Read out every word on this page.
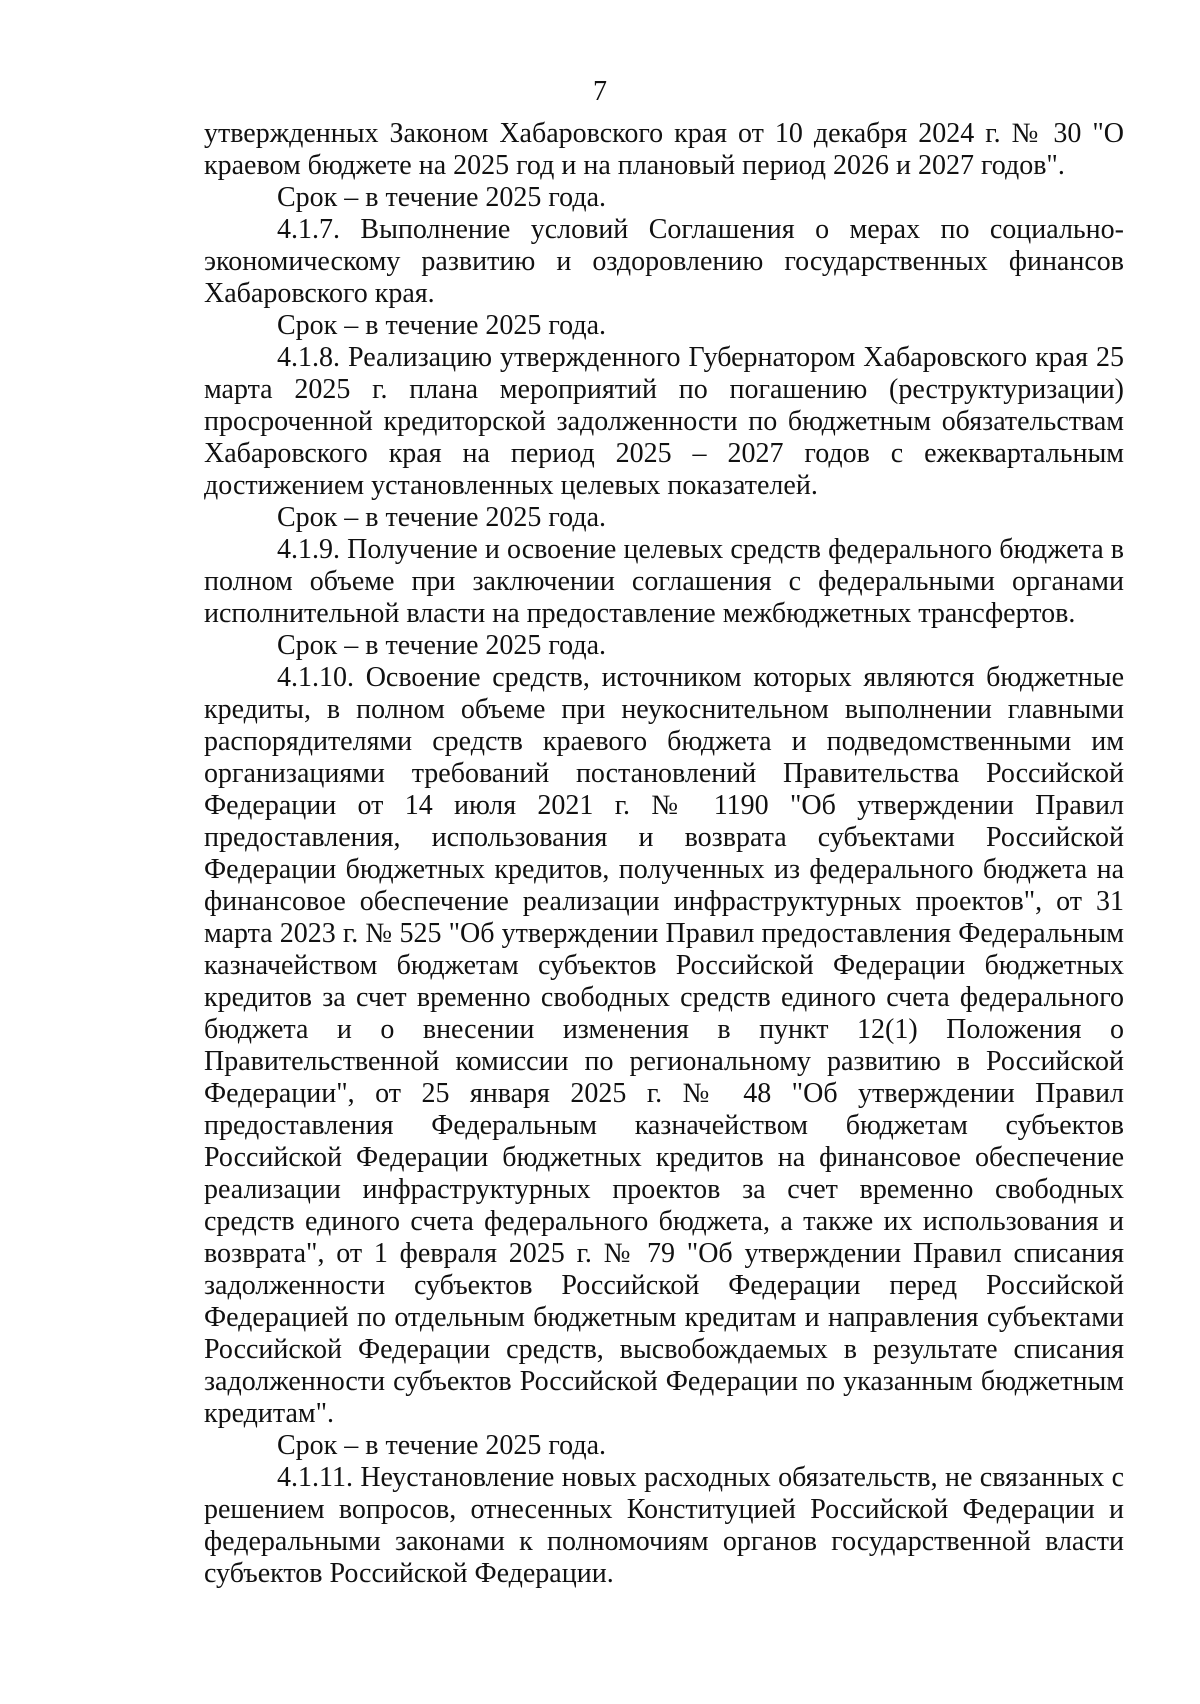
7

утвержденных Законом Хабаровского края от 10 декабря 2024 г. № 30 "О краевом бюджете на 2025 год и на плановый период 2026 и 2027 годов".

Срок – в течение 2025 года.

4.1.7. Выполнение условий Соглашения о мерах по социально-экономическому развитию и оздоровлению государственных финансов Хабаровского края.

Срок – в течение 2025 года.

4.1.8. Реализацию утвержденного Губернатором Хабаровского края 25 марта 2025 г. плана мероприятий по погашению (реструктуризации) просроченной кредиторской задолженности по бюджетным обязательствам Хабаровского края на период 2025 – 2027 годов с ежеквартальным достижением установленных целевых показателей.

Срок – в течение 2025 года.

4.1.9. Получение и освоение целевых средств федерального бюджета в полном объеме при заключении соглашения с федеральными органами исполнительной власти на предоставление межбюджетных трансфертов.

Срок – в течение 2025 года.

4.1.10. Освоение средств, источником которых являются бюджетные кредиты, в полном объеме при неукоснительном выполнении главными распорядителями средств краевого бюджета и подведомственными им организациями требований постановлений Правительства Российской Федерации от 14 июля 2021 г. № 1190 "Об утверждении Правил предоставления, использования и возврата субъектами Российской Федерации бюджетных кредитов, полученных из федерального бюджета на финансовое обеспечение реализации инфраструктурных проектов", от 31 марта 2023 г. № 525 "Об утверждении Правил предоставления Федеральным казначейством бюджетам субъектов Российской Федерации бюджетных кредитов за счет временно свободных средств единого счета федерального бюджета и о внесении изменения в пункт 12(1) Положения о Правительственной комиссии по региональному развитию в Российской Федерации", от 25 января 2025 г. № 48 "Об утверждении Правил предоставления Федеральным казначейством бюджетам субъектов Российской Федерации бюджетных кредитов на финансовое обеспечение реализации инфраструктурных проектов за счет временно свободных средств единого счета федерального бюджета, а также их использования и возврата", от 1 февраля 2025 г. № 79 "Об утверждении Правил списания задолженности субъектов Российской Федерации перед Российской Федерацией по отдельным бюджетным кредитам и направления субъектами Российской Федерации средств, высвобождаемых в результате списания задолженности субъектов Российской Федерации по указанным бюджетным кредитам".

Срок – в течение 2025 года.

4.1.11. Неустановление новых расходных обязательств, не связанных с решением вопросов, отнесенных Конституцией Российской Федерации и федеральными законами к полномочиям органов государственной власти субъектов Российской Федерации.
